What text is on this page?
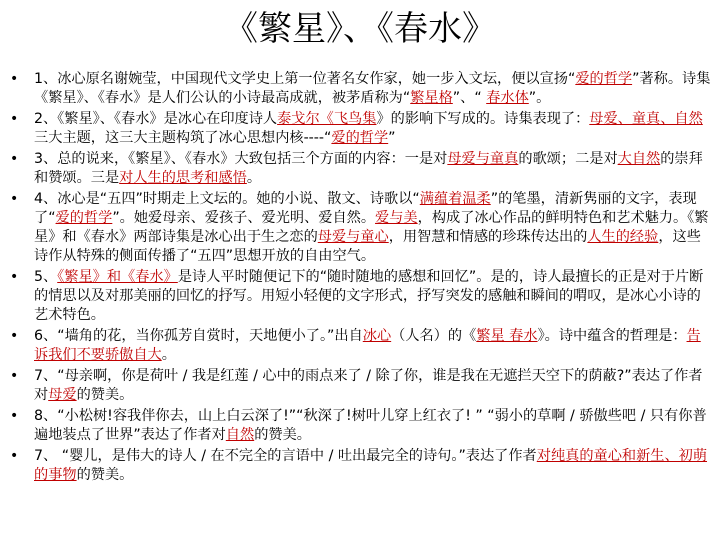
《繁星》、《春水》
• 1、冰心原名谢婉莹，中国现代文学史上第一位著名女作家，她一步入文坛，便以宣扬“爱的哲学”著称。诗集《繁星》、《春水》是人们公认的小诗最高成就，被茅盾称为“繁星格”、“ 春水体”。
• 2、《繁星》、《春水》是冰心在印度诗人泰戈尔《飞鸟集》的影响下写成的。诗集表现了：母爱、童真、自然三大主题，这三大主题构筑了冰心思想内核----“爱的哲学”
• 3、总的说来，《繁星》、《春水》大致包括三个方面的内容：一是对母爱与童真的歌颂；二是对大自然的崇拜和赞颂。三是对人生的思考和感悟。
• 4、冰心是“五四”时期走上文坛的。她的小说、散文、诗歌以“满蕴着温柔”的笔墨，清新隽丽的文字，表现了“爱的哲学”。她爱母亲、爱孩子、爱光明、爱自然。爱与美，构成了冰心作品的鲜明特色和艺术魅力。《繁星》和《春水》两部诗集是冰心出于生之恋的母爱与童心，用智慧和情感的珍珠传达出的人生的经验，这些诗作从特殊的侧面传播了“五四”思想开放的自由空气。
• 5、《繁星》和《春水》是诗人平时随便记下的“随时随地的感想和回忆”。是的，诗人最擅长的正是对于片断的情思以及对那美丽的回忆的抒写。用短小轻便的文字形式，抒写突发的感触和瞬间的喟叹，是冰心小诗的艺术特色。
• 6、“墙角的花，当你孤芳自赏时，天地便小了。”出自冰心（人名）的《繁星 春水》。诗中蕴含的哲理是：告诉我们不要骄傲自大。
• 7、“母亲啊，你是荷叶 / 我是红莲 / 心中的雨点来了 / 除了你，谁是我在无遮拦天空下的荫蔽?”表达了作者对母爱的赞美。
• 8、“小松树!容我伴你去，山上白云深了!”“秋深了!树叶儿穿上红衣了! ” “弱小的草啊 / 骄傲些吧 / 只有你普遍地装点了世界”表达了作者对自然的赞美。
• 7、 “婴儿，是伟大的诗人 / 在不完全的言语中 / 吐出最完全的诗句。”表达了作者对纯真的童心和新生、初萌的事物的赞美。
